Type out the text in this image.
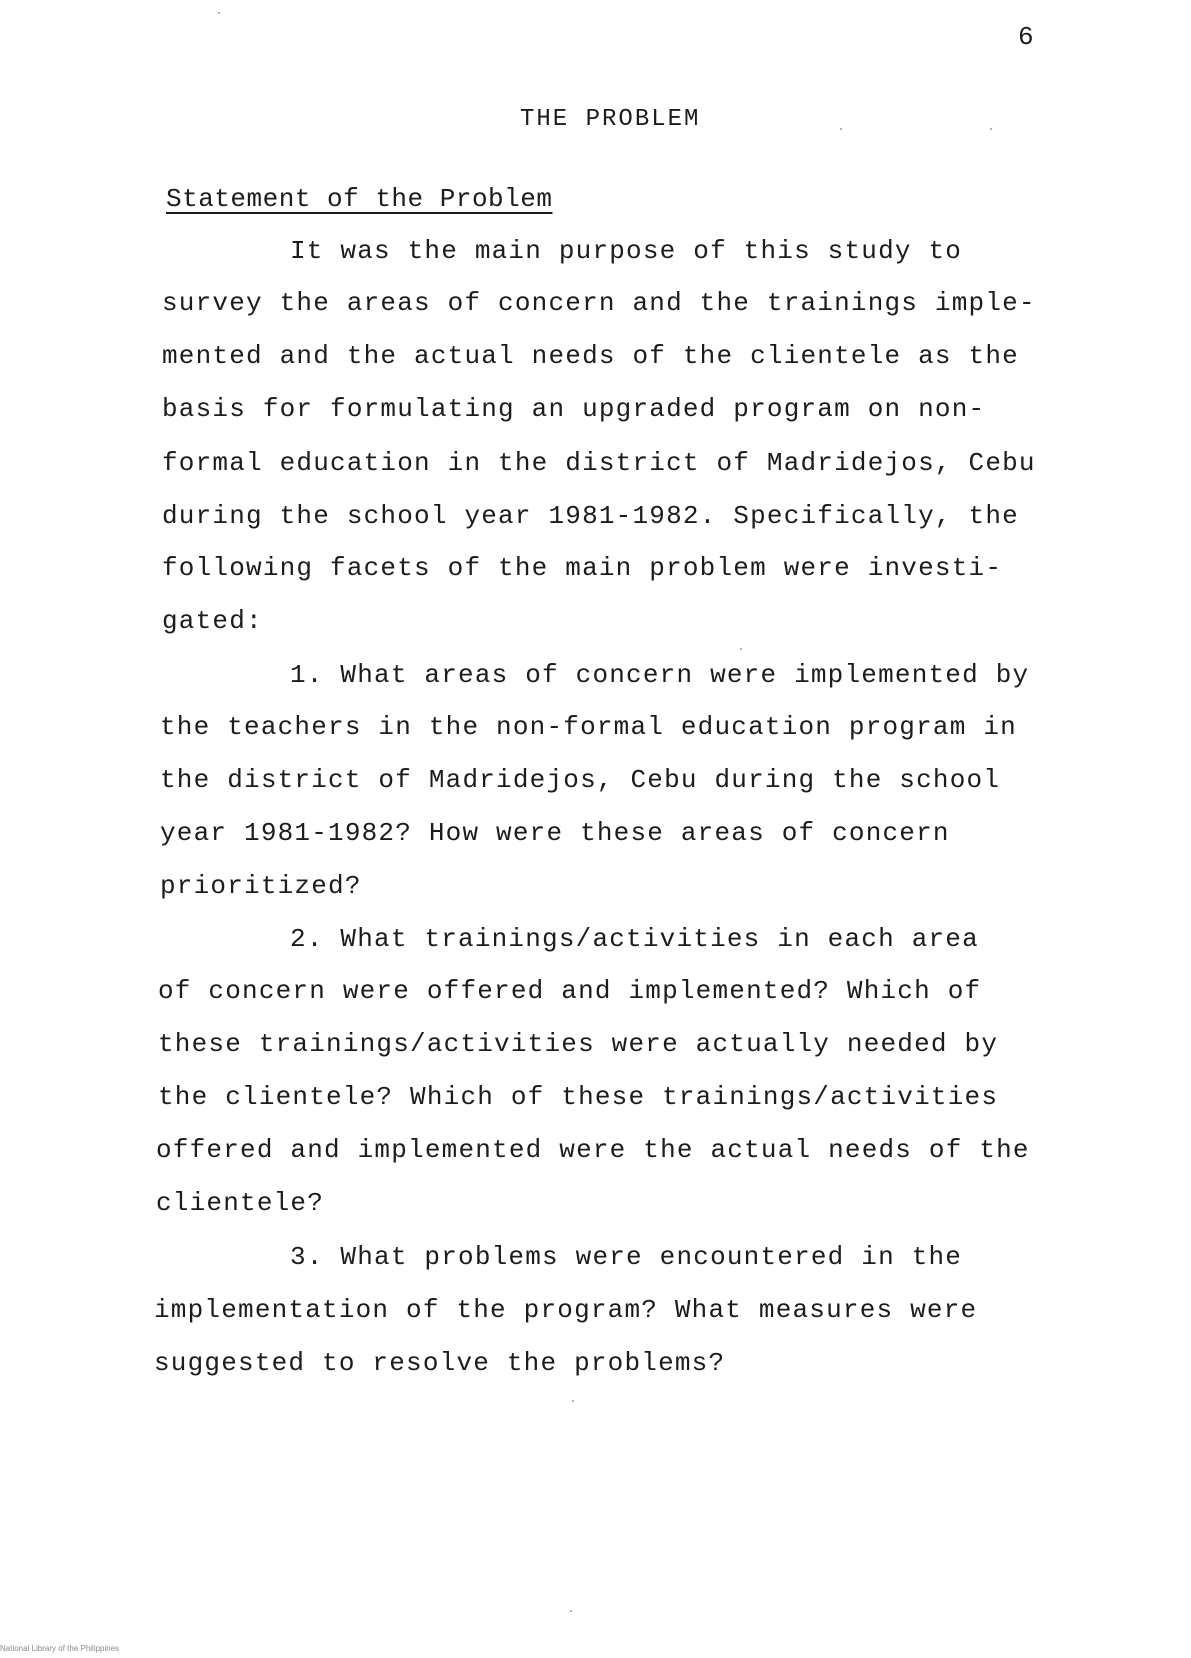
6
THE PROBLEM
Statement of the Problem
It was the main purpose of this study to
survey the areas of concern and the trainings imple-
mented and the actual needs of the clientele as the
basis for formulating an upgraded program on non-
formal education in the district of Madridejos, Cebu
during the school year 1981-1982. Specifically, the
following facets of the main problem were investi-
gated:
1. What areas of concern were implemented by
the teachers in the non-formal education program in
the district of Madridejos, Cebu during the school
year 1981-1982? How were these areas of concern
prioritized?
2. What trainings/activities in each area
of concern were offered and implemented? Which of
these trainings/activities were actually needed by
the clientele? Which of these trainings/activities
offered and implemented were the actual needs of the
clientele?
3. What problems were encountered in the
implementation of the program? What measures were
suggested to resolve the problems?
National Library of the Philippines
